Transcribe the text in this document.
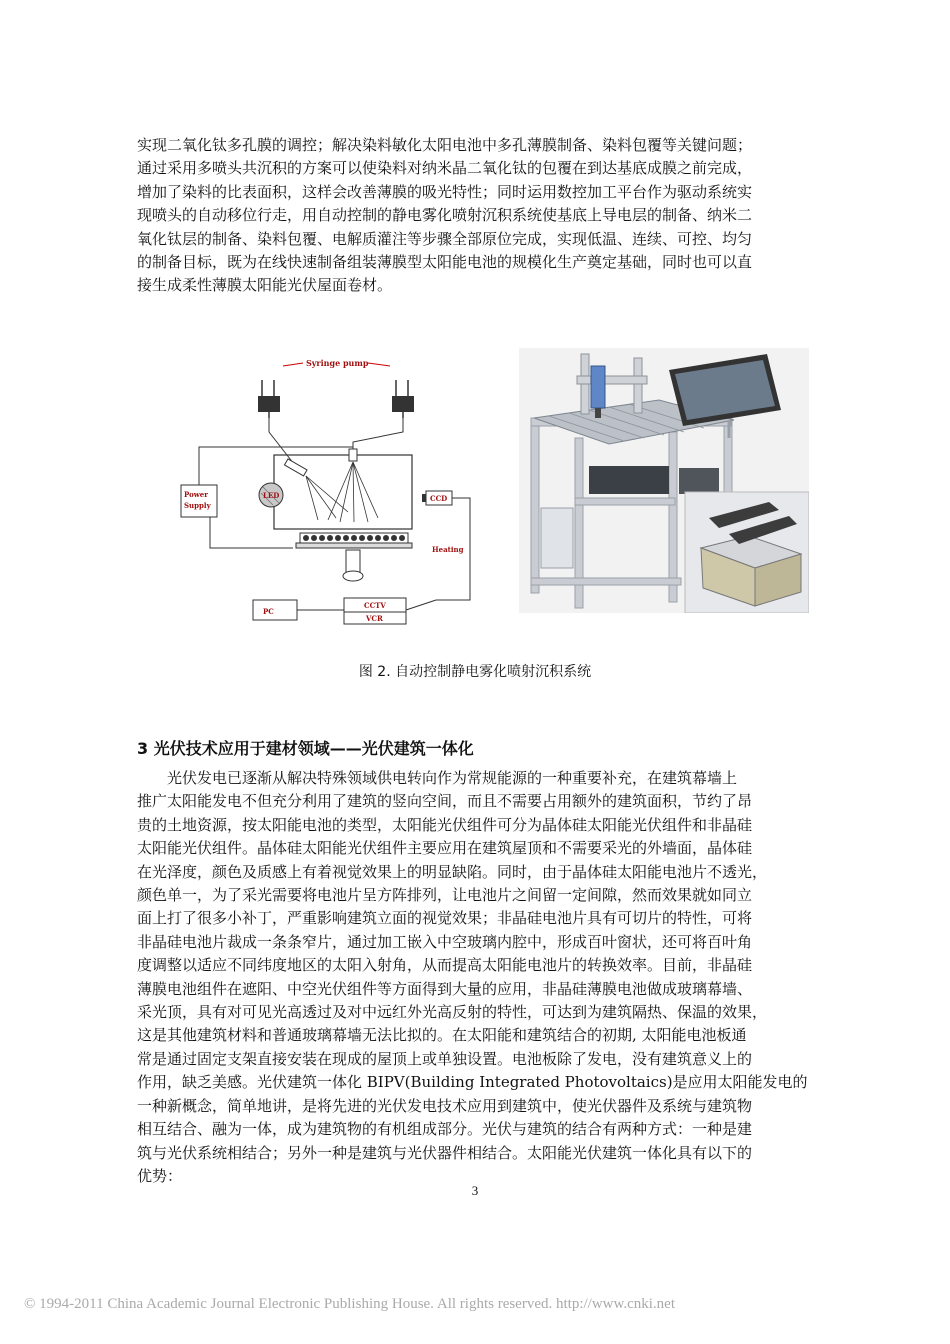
实现二氧化钛多孔膜的调控；解决染料敏化太阳电池中多孔薄膜制备、染料包覆等关键问题；
通过采用多喷头共沉积的方案可以使染料对纳米晶二氧化钛的包覆在到达基底成膜之前完成，
增加了染料的比表面积，这样会改善薄膜的吸光特性；同时运用数控加工平台作为驱动系统实
现喷头的自动移位行走，用自动控制的静电雾化喷射沉积系统使基底上导电层的制备、纳米二
氧化钛层的制备、染料包覆、电解质灌注等步骤全部原位完成，实现低温、连续、可控、均匀
的制备目标，既为在线快速制备组装薄膜型太阳能电池的规模化生产奠定基础，同时也可以直
接生成柔性薄膜太阳能光伏屋面卷材。
Syringe pump
LED
Power
Supply
CCD
Heating
PC
CCTV
VCR
图 2. 自动控制静电雾化喷射沉积系统
3 光伏技术应用于建材领域——光伏建筑一体化
光伏发电已逐渐从解决特殊领域供电转向作为常规能源的一种重要补充，在建筑幕墙上
推广太阳能发电不但充分利用了建筑的竖向空间，而且不需要占用额外的建筑面积，节约了昂
贵的土地资源，按太阳能电池的类型，太阳能光伏组件可分为晶体硅太阳能光伏组件和非晶硅
太阳能光伏组件。晶体硅太阳能光伏组件主要应用在建筑屋顶和不需要采光的外墙面，晶体硅
在光泽度，颜色及质感上有着视觉效果上的明显缺陷。同时，由于晶体硅太阳能电池片不透光，
颜色单一，为了采光需要将电池片呈方阵排列，让电池片之间留一定间隙，然而效果就如同立
面上打了很多小补丁，严重影响建筑立面的视觉效果；非晶硅电池片具有可切片的特性，可将
非晶硅电池片裁成一条条窄片，通过加工嵌入中空玻璃内腔中，形成百叶窗状，还可将百叶角
度调整以适应不同纬度地区的太阳入射角，从而提高太阳能电池片的转换效率。目前，非晶硅
薄膜电池组件在遮阳、中空光伏组件等方面得到大量的应用，非晶硅薄膜电池做成玻璃幕墙、
采光顶，具有对可见光高透过及对中远红外光高反射的特性，可达到为建筑隔热、保温的效果，
这是其他建筑材料和普通玻璃幕墙无法比拟的。在太阳能和建筑结合的初期, 太阳能电池板通
常是通过固定支架直接安装在现成的屋顶上或单独设置。电池板除了发电，没有建筑意义上的
作用，缺乏美感。光伏建筑一体化 BIPV(Building Integrated Photovoltaics)是应用太阳能发电的
一种新概念，简单地讲，是将先进的光伏发电技术应用到建筑中，使光伏器件及系统与建筑物
相互结合、融为一体，成为建筑物的有机组成部分。光伏与建筑的结合有两种方式：一种是建
筑与光伏系统相结合；另外一种是建筑与光伏器件相结合。太阳能光伏建筑一体化具有以下的
优势：
3
© 1994-2011 China Academic Journal Electronic Publishing House. All rights reserved. http://www.cnki.net
